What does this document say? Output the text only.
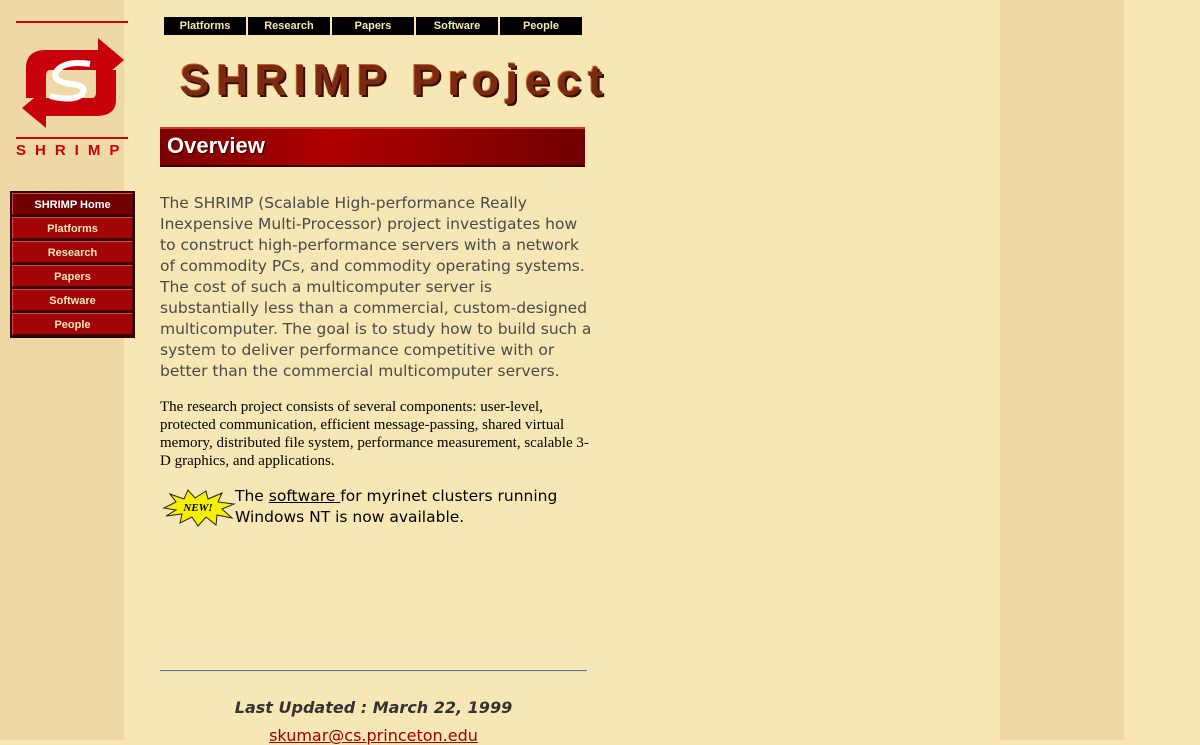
SHRIMP
Platforms	Research	Papers	Software	People
SHRIMP Home
Platforms
Research
Papers
Software
People
SHRIMP Project
Overview

The SHRIMP (Scalable High-performance Really Inexpensive Multi-Processor) project investigates how to construct high-performance servers with a network of commodity PCs, and commodity operating systems. The cost of such a multicomputer server is substantially less than a commercial, custom-designed multicomputer. The goal is to study how to build such a system to deliver performance competitive with or better than the commercial multicomputer servers.

The research project consists of several components: user-level, protected communication, efficient message-passing, shared virtual memory, distributed file system, performance measurement, scalable 3-D graphics, and applications.

NEW!

The software for myrinet clusters running Windows NT is now available.

Last Updated : March 22, 1999
skumar@cs.princeton.edu
